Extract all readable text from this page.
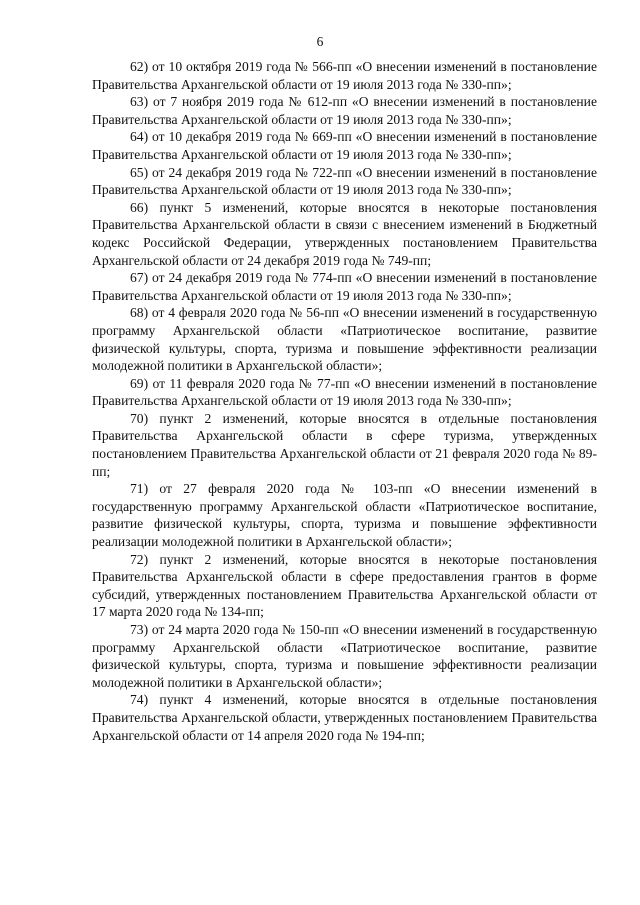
6

62) от 10 октября 2019 года № 566-пп «О внесении изменений в постановление Правительства Архангельской области от 19 июля 2013 года № 330-пп»;

63) от 7 ноября 2019 года № 612-пп «О внесении изменений в постановление Правительства Архангельской области от 19 июля 2013 года № 330-пп»;

64) от 10 декабря 2019 года № 669-пп «О внесении изменений в постановление Правительства Архангельской области от 19 июля 2013 года № 330-пп»;

65) от 24 декабря 2019 года № 722-пп «О внесении изменений в постановление Правительства Архангельской области от 19 июля 2013 года № 330-пп»;

66) пункт 5 изменений, которые вносятся в некоторые постановления Правительства Архангельской области в связи с внесением изменений в Бюджетный кодекс Российской Федерации, утвержденных постановлением Правительства Архангельской области от 24 декабря 2019 года № 749-пп;

67) от 24 декабря 2019 года № 774-пп «О внесении изменений в постановление Правительства Архангельской области от 19 июля 2013 года № 330-пп»;

68) от 4 февраля 2020 года № 56-пп «О внесении изменений в государственную программу Архангельской области «Патриотическое воспитание, развитие физической культуры, спорта, туризма и повышение эффективности реализации молодежной политики в Архангельской области»;

69) от 11 февраля 2020 года № 77-пп «О внесении изменений в постановление Правительства Архангельской области от 19 июля 2013 года № 330-пп»;

70) пункт 2 изменений, которые вносятся в отдельные постановления Правительства Архангельской области в сфере туризма, утвержденных постановлением Правительства Архангельской области от 21 февраля 2020 года № 89-пп;

71) от 27 февраля 2020 года № 103-пп «О внесении изменений в государственную программу Архангельской области «Патриотическое воспитание, развитие физической культуры, спорта, туризма и повышение эффективности реализации молодежной политики в Архангельской области»;

72) пункт 2 изменений, которые вносятся в некоторые постановления Правительства Архангельской области в сфере предоставления грантов в форме субсидий, утвержденных постановлением Правительства Архангельской области от 17 марта 2020 года № 134-пп;

73) от 24 марта 2020 года № 150-пп «О внесении изменений в государственную программу Архангельской области «Патриотическое воспитание, развитие физической культуры, спорта, туризма и повышение эффективности реализации молодежной политики в Архангельской области»;

74) пункт 4 изменений, которые вносятся в отдельные постановления Правительства Архангельской области, утвержденных постановлением Правительства Архангельской области от 14 апреля 2020 года № 194-пп;
